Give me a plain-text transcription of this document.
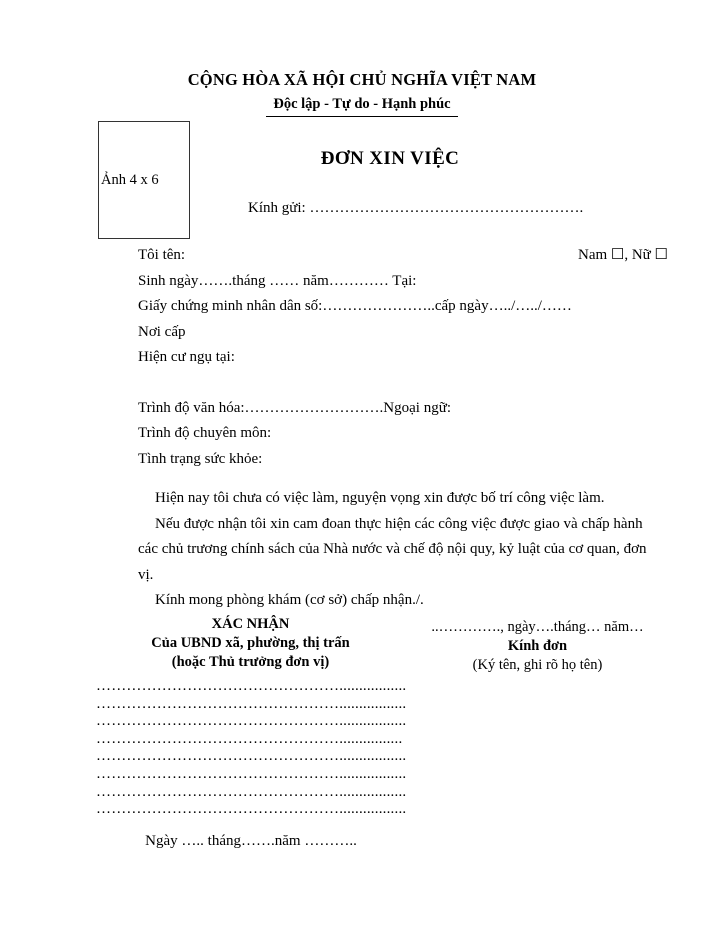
CỘNG HÒA XÃ HỘI CHỦ NGHĨA VIỆT NAM
Độc lập - Tự do - Hạnh phúc
Ảnh 4 x 6
ĐƠN XIN VIỆC
Kính gửi: ……………………………………………….
Tôi tên:	Nam ☐, Nữ ☐
Sinh ngày…….tháng …… năm………… Tại:
Giấy chứng minh nhân dân số:…………………..cấp ngày…../…../……
Nơi cấp
Hiện cư ngụ tại:
Trình độ văn hóa:……………………….Ngoại ngữ:
Trình độ chuyên môn:
Tình trạng sức khỏe:

Hiện nay tôi chưa có việc làm, nguyện vọng xin được bố trí công việc làm.

Nếu được nhận tôi xin cam đoan thực hiện các công việc được giao và chấp hành các chủ trương chính sách của Nhà nước và chế độ nội quy, kỷ luật của cơ quan, đơn vị.

Kính mong phòng khám (cơ sở) chấp nhận./.

XÁC NHẬN
Của UBND xã, phường, thị trấn
(hoặc Thủ trưởng đơn vị)
..…………., ngày….tháng… năm…
Kính đơn
(Ký tên, ghi rõ họ tên)
………………………………………….................
………………………………………….................
………………………………………….................
…………………………………………................
………………………………………….................
………………………………………….................
………………………………………….................
………………………………………….................
Ngày ….. tháng…….năm ………..
